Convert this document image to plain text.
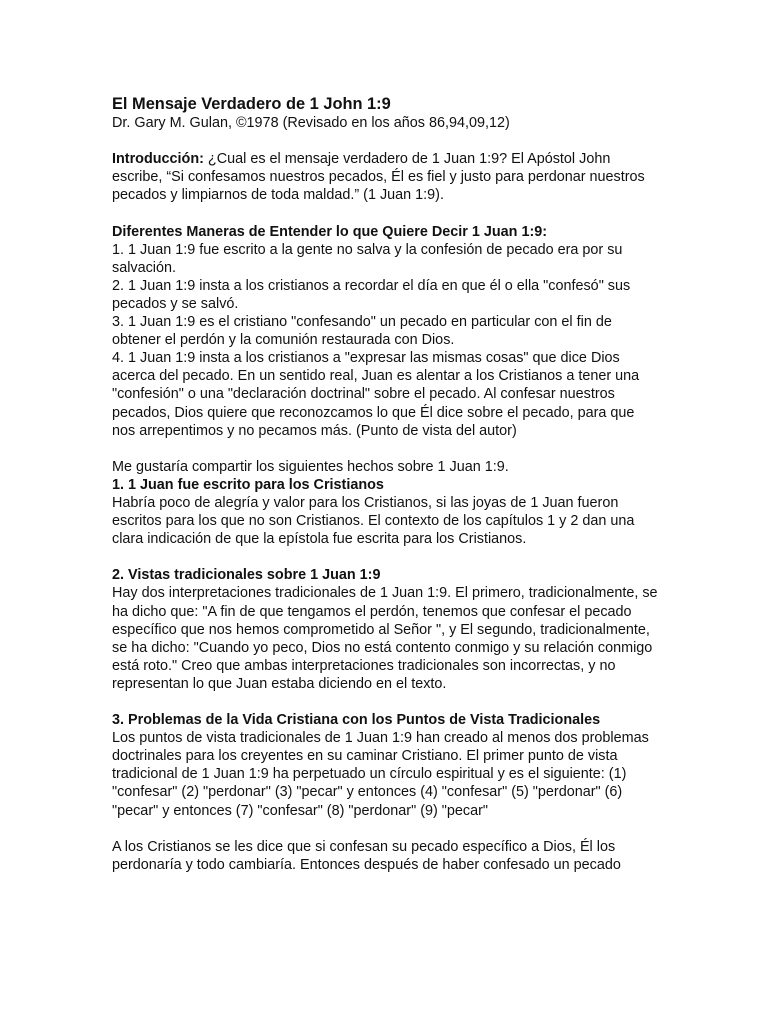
El Mensaje Verdadero de 1 John 1:9

Dr. Gary M. Gulan, ©1978 (Revisado en los años 86,94,09,12)

Introducción: ¿Cual es el mensaje verdadero de 1 Juan 1:9? El Apóstol John escribe, “Si confesamos nuestros pecados, Él es fiel y justo para perdonar nuestros pecados y limpiarnos de toda maldad.” (1 Juan 1:9).

Diferentes Maneras de Entender lo que Quiere Decir 1 Juan 1:9:

1. 1 Juan 1:9 fue escrito a la gente no salva y la confesión de pecado era por su salvación.

2. 1 Juan 1:9 insta a los cristianos a recordar el día en que él o ella "confesó" sus pecados y se salvó.

3. 1 Juan 1:9 es el cristiano "confesando" un pecado en particular con el fin de obtener el perdón y la comunión restaurada con Dios.

4. 1 Juan 1:9 insta a los cristianos a "expresar las mismas cosas" que dice Dios acerca del pecado. En un sentido real, Juan es alentar a los Cristianos a tener una "confesión" o una "declaración doctrinal" sobre el pecado. Al confesar nuestros pecados, Dios quiere que reconozcamos lo que Él dice sobre el pecado, para que nos arrepentimos y no pecamos más. (Punto de vista del autor)

Me gustaría compartir los siguientes hechos sobre 1 Juan 1:9.

1. 1 Juan fue escrito para los Cristianos

Habría poco de alegría y valor para los Cristianos, si las joyas de 1 Juan fueron escritos para los que no son Cristianos. El contexto de los capítulos 1 y 2 dan una clara indicación de que la epístola fue escrita para los Cristianos.

2. Vistas tradicionales sobre 1 Juan 1:9

Hay dos interpretaciones tradicionales de 1 Juan 1:9. El primero, tradicionalmente, se ha dicho que: "A fin de que tengamos el perdón, tenemos que confesar el pecado específico que nos hemos comprometido al Señor ", y El segundo, tradicionalmente, se ha dicho: "Cuando yo peco, Dios no está contento conmigo y su relación conmigo está roto." Creo que ambas interpretaciones tradicionales son incorrectas, y no representan lo que Juan estaba diciendo en el texto.

3. Problemas de la Vida Cristiana con los Puntos de Vista Tradicionales

Los puntos de vista tradicionales de 1 Juan 1:9 han creado al menos dos problemas doctrinales para los creyentes en su caminar Cristiano. El primer punto de vista tradicional de 1 Juan 1:9 ha perpetuado un círculo espiritual y es el siguiente: (1) "confesar" (2) "perdonar" (3) "pecar" y entonces (4) "confesar" (5) "perdonar" (6) "pecar" y entonces (7) "confesar" (8) "perdonar" (9) "pecar"

A los Cristianos se les dice que si confesan su pecado específico a Dios, Él los perdonaría y todo cambiaría. Entonces después de haber confesado un pecado
